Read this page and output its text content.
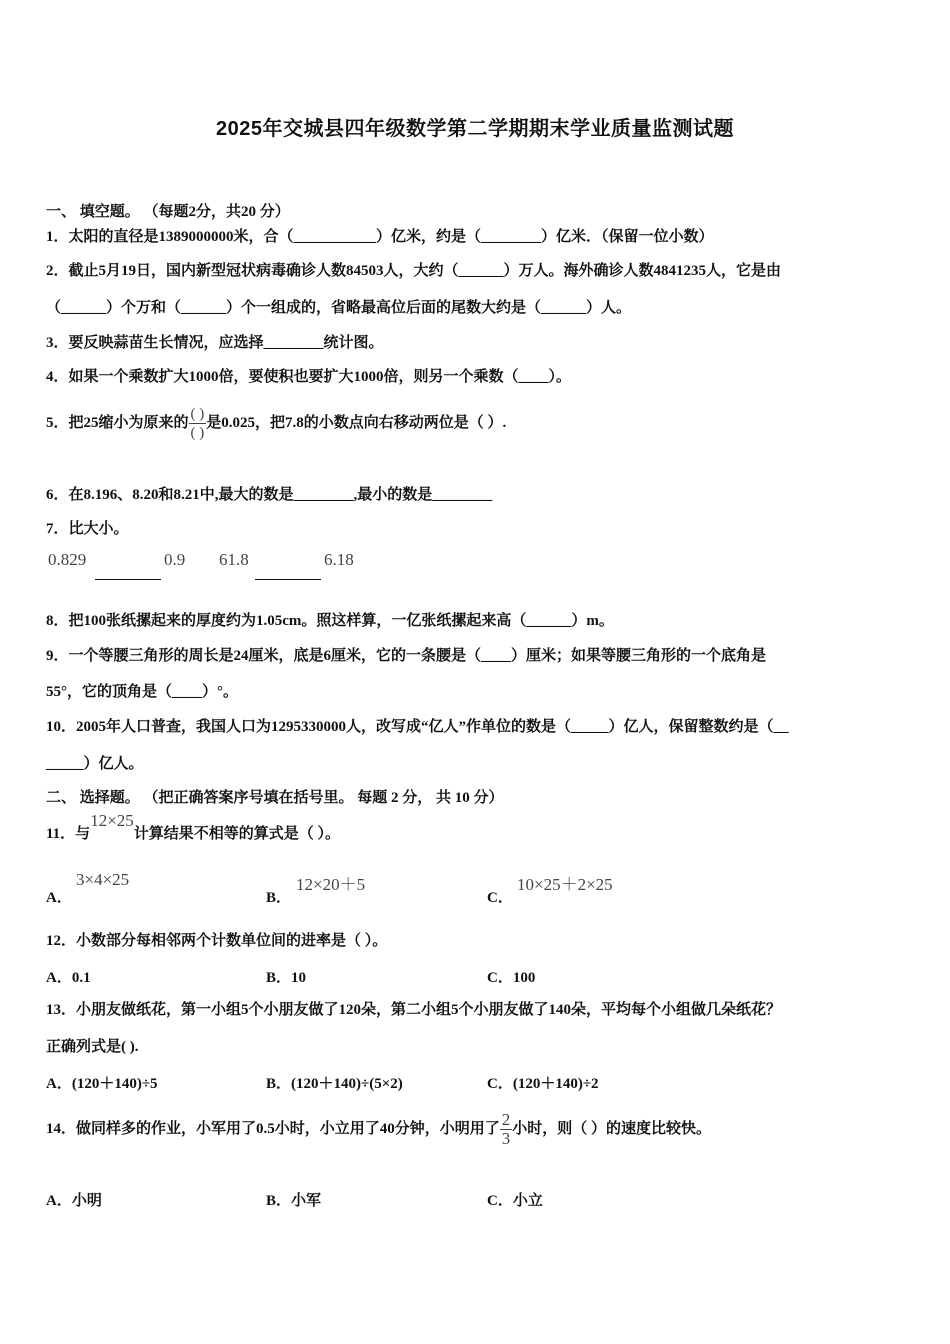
2025年交城县四年级数学第二学期期末学业质量监测试题
一、 填空题。 （每题2分，共20 分）
1．太阳的直径是1389000000米，合（___________）亿米，约是（________）亿米．（保留一位小数）
2．截止5月19日，国内新型冠状病毒确诊人数84503人，大约（______）万人。海外确诊人数4841235人，它是由
（______）个万和（______）个一组成的，省略最高位后面的尾数大约是（______）人。
3．要反映蒜苗生长情况，应选择________统计图。
4．如果一个乘数扩大1000倍，要使积也要扩大1000倍，则另一个乘数（____）。
5．把25缩小为原来的 $\frac{( )}{( )}$ 是0.025，把7.8的小数点向右移动两位是（ ）.
6．在8.196、8.20和8.21中,最大的数是________,最小的数是________
7．比大小。
0.829	0.9 61.8	6.18
8．把100张纸摞起来的厚度约为1.05cm。照这样算，一亿张纸摞起来高（______）m。
9．一个等腰三角形的周长是24厘米，底是6厘米，它的一条腰是（____）厘米；如果等腰三角形的一个底角是
55°，它的顶角是（____）°。
10．2005年人口普查，我国人口为1295330000人，改写成“亿人”作单位的数是（_____）亿人，保留整数约是（__
_____）亿人。
二、 选择题。 （把正确答案序号填在括号里。 每题 2 分， 共 10 分）
11．与12×25计算结果不相等的算式是（ ）。
A．
3×4×25
B．
12×20＋5
C．
10×25＋2×25
12．小数部分每相邻两个计数单位间的进率是（ ）。
A．0.1	B．10	C．100
13．小朋友做纸花，第一小组5个小朋友做了120朵，第二小组5个小朋友做了140朵，平均每个小组做几朵纸花？
正确列式是( ).
A．(120＋140)÷5	B．(120＋140)÷(5×2)	C．(120＋140)÷2
14．做同样多的作业，小军用了0.5小时，小立用了40分钟，小明用了 $\frac{2}{3}$ 小时，则（ ）的速度比较快。
A．小明	B．小军	C．小立
